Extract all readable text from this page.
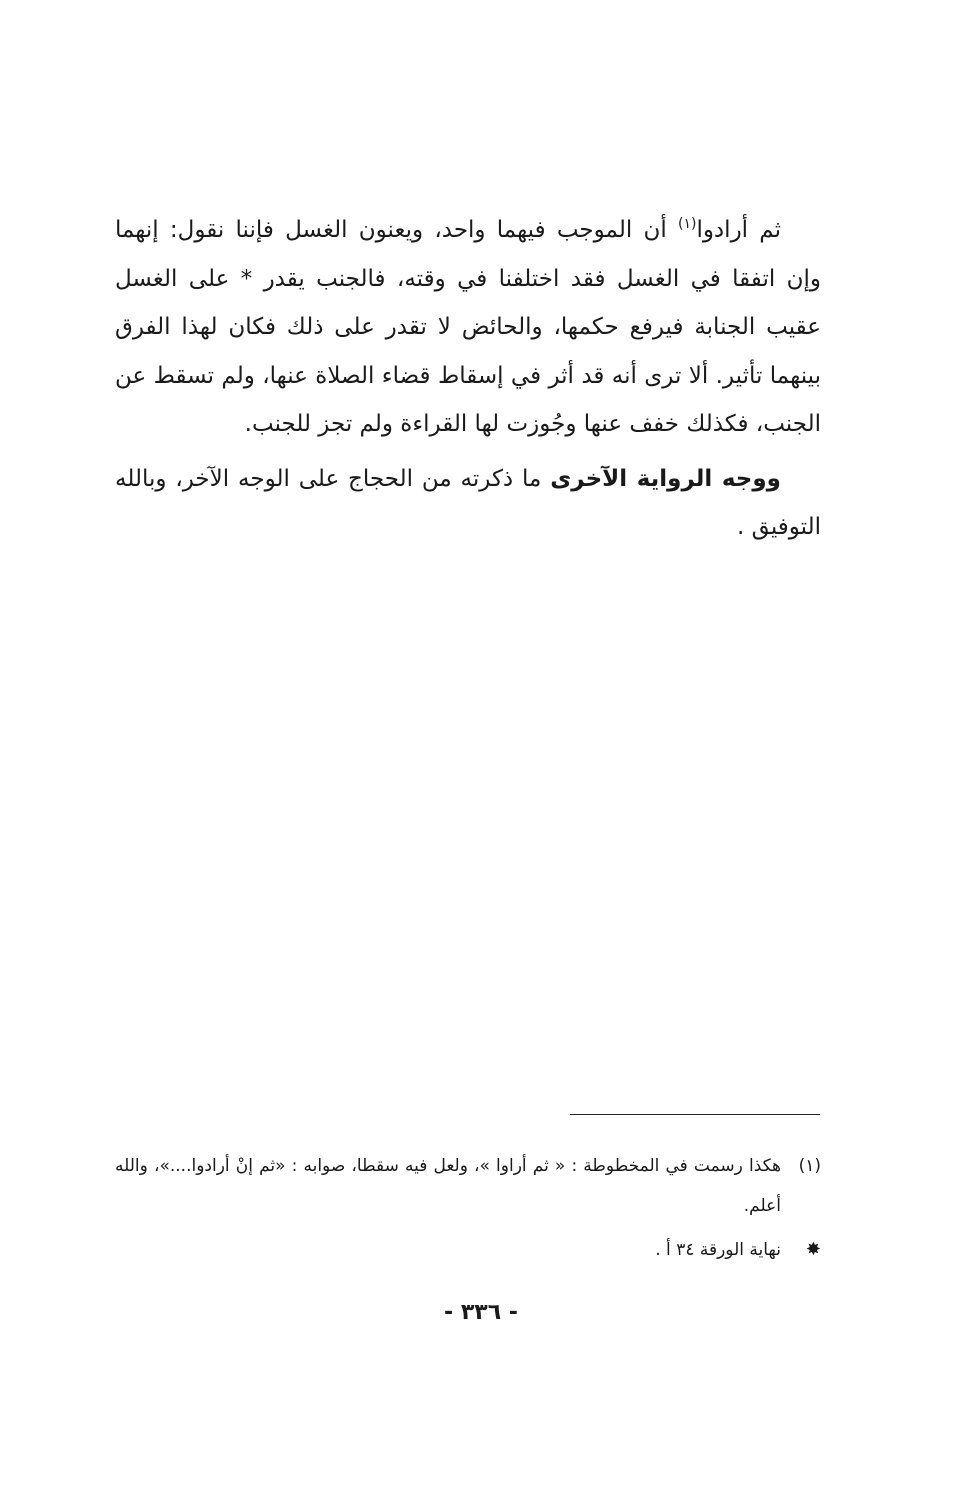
ثم أرادوا$^{(١)}$ أن الموجب فيهما واحد، ويعنون الغسل فإننا نقول: إنهما وإن اتفقا في الغسل فقد اختلفنا في وقته، فالجنب يقدر * على الغسل عقيب الجنابة فيرفع حكمها، والحائض لا تقدر على ذلك فكان لهذا الفرق بينهما تأثير. ألا ترى أنه قد أثر في إسقاط قضاء الصلاة عنها، ولم تسقط عن الجنب، فكذلك خفف عنها وجُوزت لها القراءة ولم تجز للجنب.

ووجه الرواية الآخرى ما ذكرته من الحجاج على الوجه الآخر، وبالله التوفيق .

(١)
هكذا رسمت في المخطوطة : « ثم أراوا »، ولعل فيه سقطا، صوابه : «ثم إنْ أرادوا....»، والله أعلم.
✸
نهاية الورقة ٣٤ أ .
- ٣٣٦ -
